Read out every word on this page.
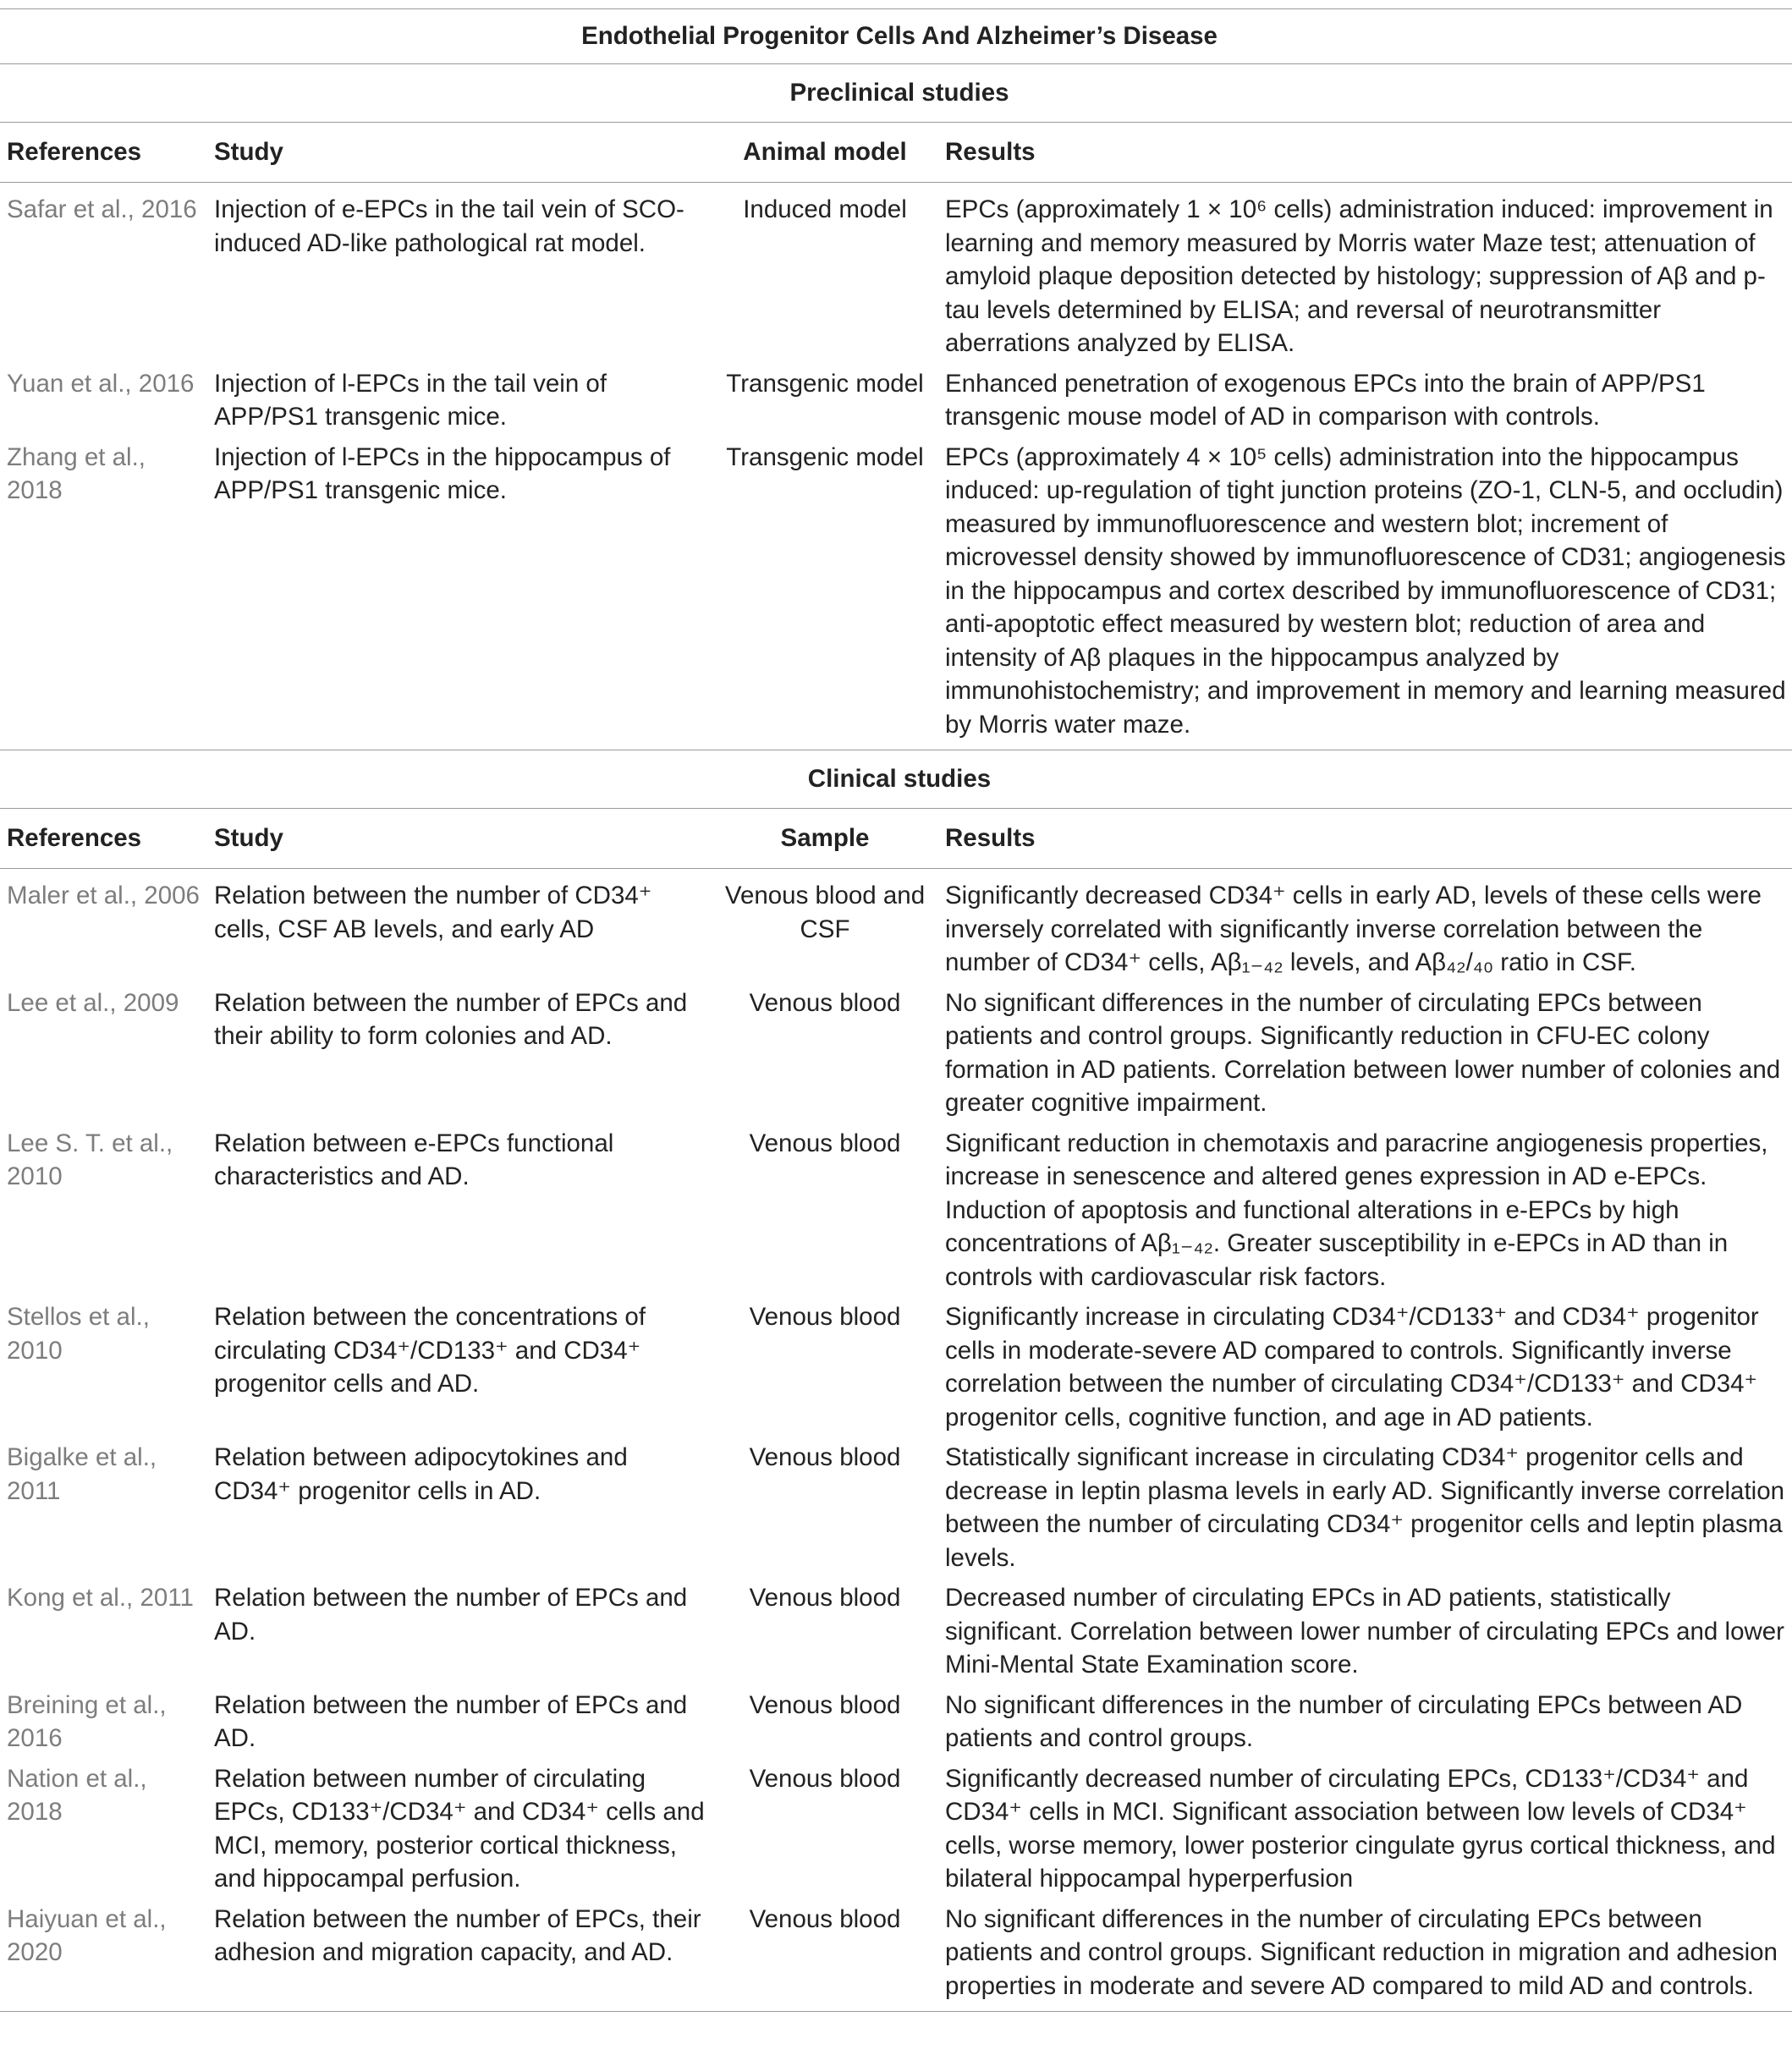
Endothelial Progenitor Cells And Alzheimer’s Disease			
Preclinical studies			
References	Study	Animal model	Results
Safar et al., 2016	Injection of e-EPCs in the tail vein of SCO-induced AD-like pathological rat model.	Induced model	EPCs (approximately 1 × 10⁶ cells) administration induced: improvement in learning and memory measured by Morris water Maze test; attenuation of amyloid plaque deposition detected by histology; suppression of Aβ and p-tau levels determined by ELISA; and reversal of neurotransmitter aberrations analyzed by ELISA.
Yuan et al., 2016	Injection of l-EPCs in the tail vein of APP/PS1 transgenic mice.	Transgenic model	Enhanced penetration of exogenous EPCs into the brain of APP/PS1 transgenic mouse model of AD in comparison with controls.
Zhang et al., 2018	Injection of l-EPCs in the hippocampus of APP/PS1 transgenic mice.	Transgenic model	EPCs (approximately 4 × 10⁵ cells) administration into the hippocampus induced: up-regulation of tight junction proteins (ZO-1, CLN-5, and occludin) measured by immunofluorescence and western blot; increment of microvessel density showed by immunofluorescence of CD31; angiogenesis in the hippocampus and cortex described by immunofluorescence of CD31; anti-apoptotic effect measured by western blot; reduction of area and intensity of Aβ plaques in the hippocampus analyzed by immunohistochemistry; and improvement in memory and learning measured by Morris water maze.
Clinical studies			
References	Study	Sample	Results
Maler et al., 2006	Relation between the number of CD34⁺ cells, CSF AB levels, and early AD	Venous blood and CSF	Significantly decreased CD34⁺ cells in early AD, levels of these cells were inversely correlated with significantly inverse correlation between the number of CD34⁺ cells, Aβ₁₋₄₂ levels, and Aβ₄₂/₄₀ ratio in CSF.
Lee et al., 2009	Relation between the number of EPCs and their ability to form colonies and AD.	Venous blood	No significant differences in the number of circulating EPCs between patients and control groups. Significantly reduction in CFU-EC colony formation in AD patients. Correlation between lower number of colonies and greater cognitive impairment.
Lee S. T. et al., 2010	Relation between e-EPCs functional characteristics and AD.	Venous blood	Significant reduction in chemotaxis and paracrine angiogenesis properties, increase in senescence and altered genes expression in AD e-EPCs. Induction of apoptosis and functional alterations in e-EPCs by high concentrations of Aβ₁₋₄₂. Greater susceptibility in e-EPCs in AD than in controls with cardiovascular risk factors.
Stellos et al., 2010	Relation between the concentrations of circulating CD34⁺/CD133⁺ and CD34⁺ progenitor cells and AD.	Venous blood	Significantly increase in circulating CD34⁺/CD133⁺ and CD34⁺ progenitor cells in moderate-severe AD compared to controls. Significantly inverse correlation between the number of circulating CD34⁺/CD133⁺ and CD34⁺ progenitor cells, cognitive function, and age in AD patients.
Bigalke et al., 2011	Relation between adipocytokines and CD34⁺ progenitor cells in AD.	Venous blood	Statistically significant increase in circulating CD34⁺ progenitor cells and decrease in leptin plasma levels in early AD. Significantly inverse correlation between the number of circulating CD34⁺ progenitor cells and leptin plasma levels.
Kong et al., 2011	Relation between the number of EPCs and AD.	Venous blood	Decreased number of circulating EPCs in AD patients, statistically significant. Correlation between lower number of circulating EPCs and lower Mini-Mental State Examination score.
Breining et al., 2016	Relation between the number of EPCs and AD.	Venous blood	No significant differences in the number of circulating EPCs between AD patients and control groups.
Nation et al., 2018	Relation between number of circulating EPCs, CD133⁺/CD34⁺ and CD34⁺ cells and MCI, memory, posterior cortical thickness, and hippocampal perfusion.	Venous blood	Significantly decreased number of circulating EPCs, CD133⁺/CD34⁺ and CD34⁺ cells in MCI. Significant association between low levels of CD34⁺ cells, worse memory, lower posterior cingulate gyrus cortical thickness, and bilateral hippocampal hyperperfusion
Haiyuan et al., 2020	Relation between the number of EPCs, their adhesion and migration capacity, and AD.	Venous blood	No significant differences in the number of circulating EPCs between patients and control groups. Significant reduction in migration and adhesion properties in moderate and severe AD compared to mild AD and controls.
